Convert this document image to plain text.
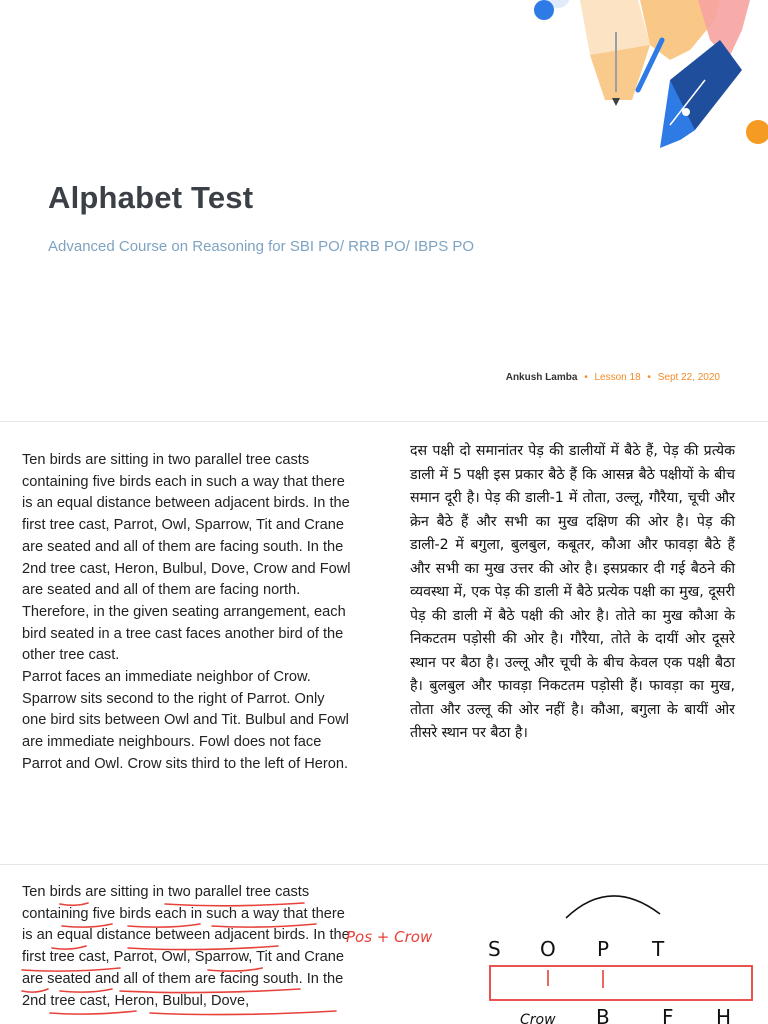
Alphabet Test
Advanced Course on Reasoning for SBI PO/ RRB PO/ IBPS PO
Ankush Lamba • Lesson 18 • Sept 22, 2020

Ten birds are sitting in two parallel tree casts containing five birds each in such a way that there is an equal distance between adjacent birds. In the first tree cast, Parrot, Owl, Sparrow, Tit and Crane are seated and all of them are facing south. In the 2nd tree cast, Heron, Bulbul, Dove, Crow and Fowl are seated and all of them are facing north. Therefore, in the given seating arrangement, each bird seated in a tree cast faces another bird of the other tree cast.

Parrot faces an immediate neighbor of Crow. Sparrow sits second to the right of Parrot. Only one bird sits between Owl and Tit. Bulbul and Fowl are immediate neighbours. Fowl does not face Parrot and Owl. Crow sits third to the left of Heron.

दस पक्षी दो समानांतर पेड़ की डालीयों में बैठे हैं, पेड़ की प्रत्येक डाली में 5 पक्षी इस प्रकार बैठे हैं कि आसन्न बैठे पक्षीयों के बीच समान दूरी है। पेड़ की डाली-1 में तोता, उल्लू, गौरैया, चूची और क्रेन बैठे हैं और सभी का मुख दक्षिण की ओर है। पेड़ की डाली-2 में बगुला, बुलबुल, कबूतर, कौआ और फावड़ा बैठे हैं और सभी का मुख उत्तर की ओर है। इसप्रकार दी गई बैठने की व्यवस्था में, एक पेड़ की डाली में बैठे प्रत्येक पक्षी का मुख, दूसरी पेड़ की डाली में बैठे पक्षी की ओर है। तोते का मुख कौआ के निकटतम पड़ोसी की ओर है। गौरैया, तोते के दायीं ओर दूसरे स्थान पर बैठा है। उल्लू और चूची के बीच केवल एक पक्षी बैठा है। बुलबुल और फावड़ा निकटतम पड़ोसी हैं। फावड़ा का मुख, तोता और उल्लू की ओर नहीं है। कौआ, बगुला के बायीं ओर तीसरे स्थान पर बैठा है।
Ten birds are sitting in two parallel tree casts containing five birds each in such a way that there is an equal distance between adjacent birds. In the first tree cast, Parrot, Owl, Sparrow, Tit and Crane are seated and all of them are facing south. In the 2nd tree cast, Heron, Bulbul, Dove,
Pos + Crow	S O P T
Crow B	F H
